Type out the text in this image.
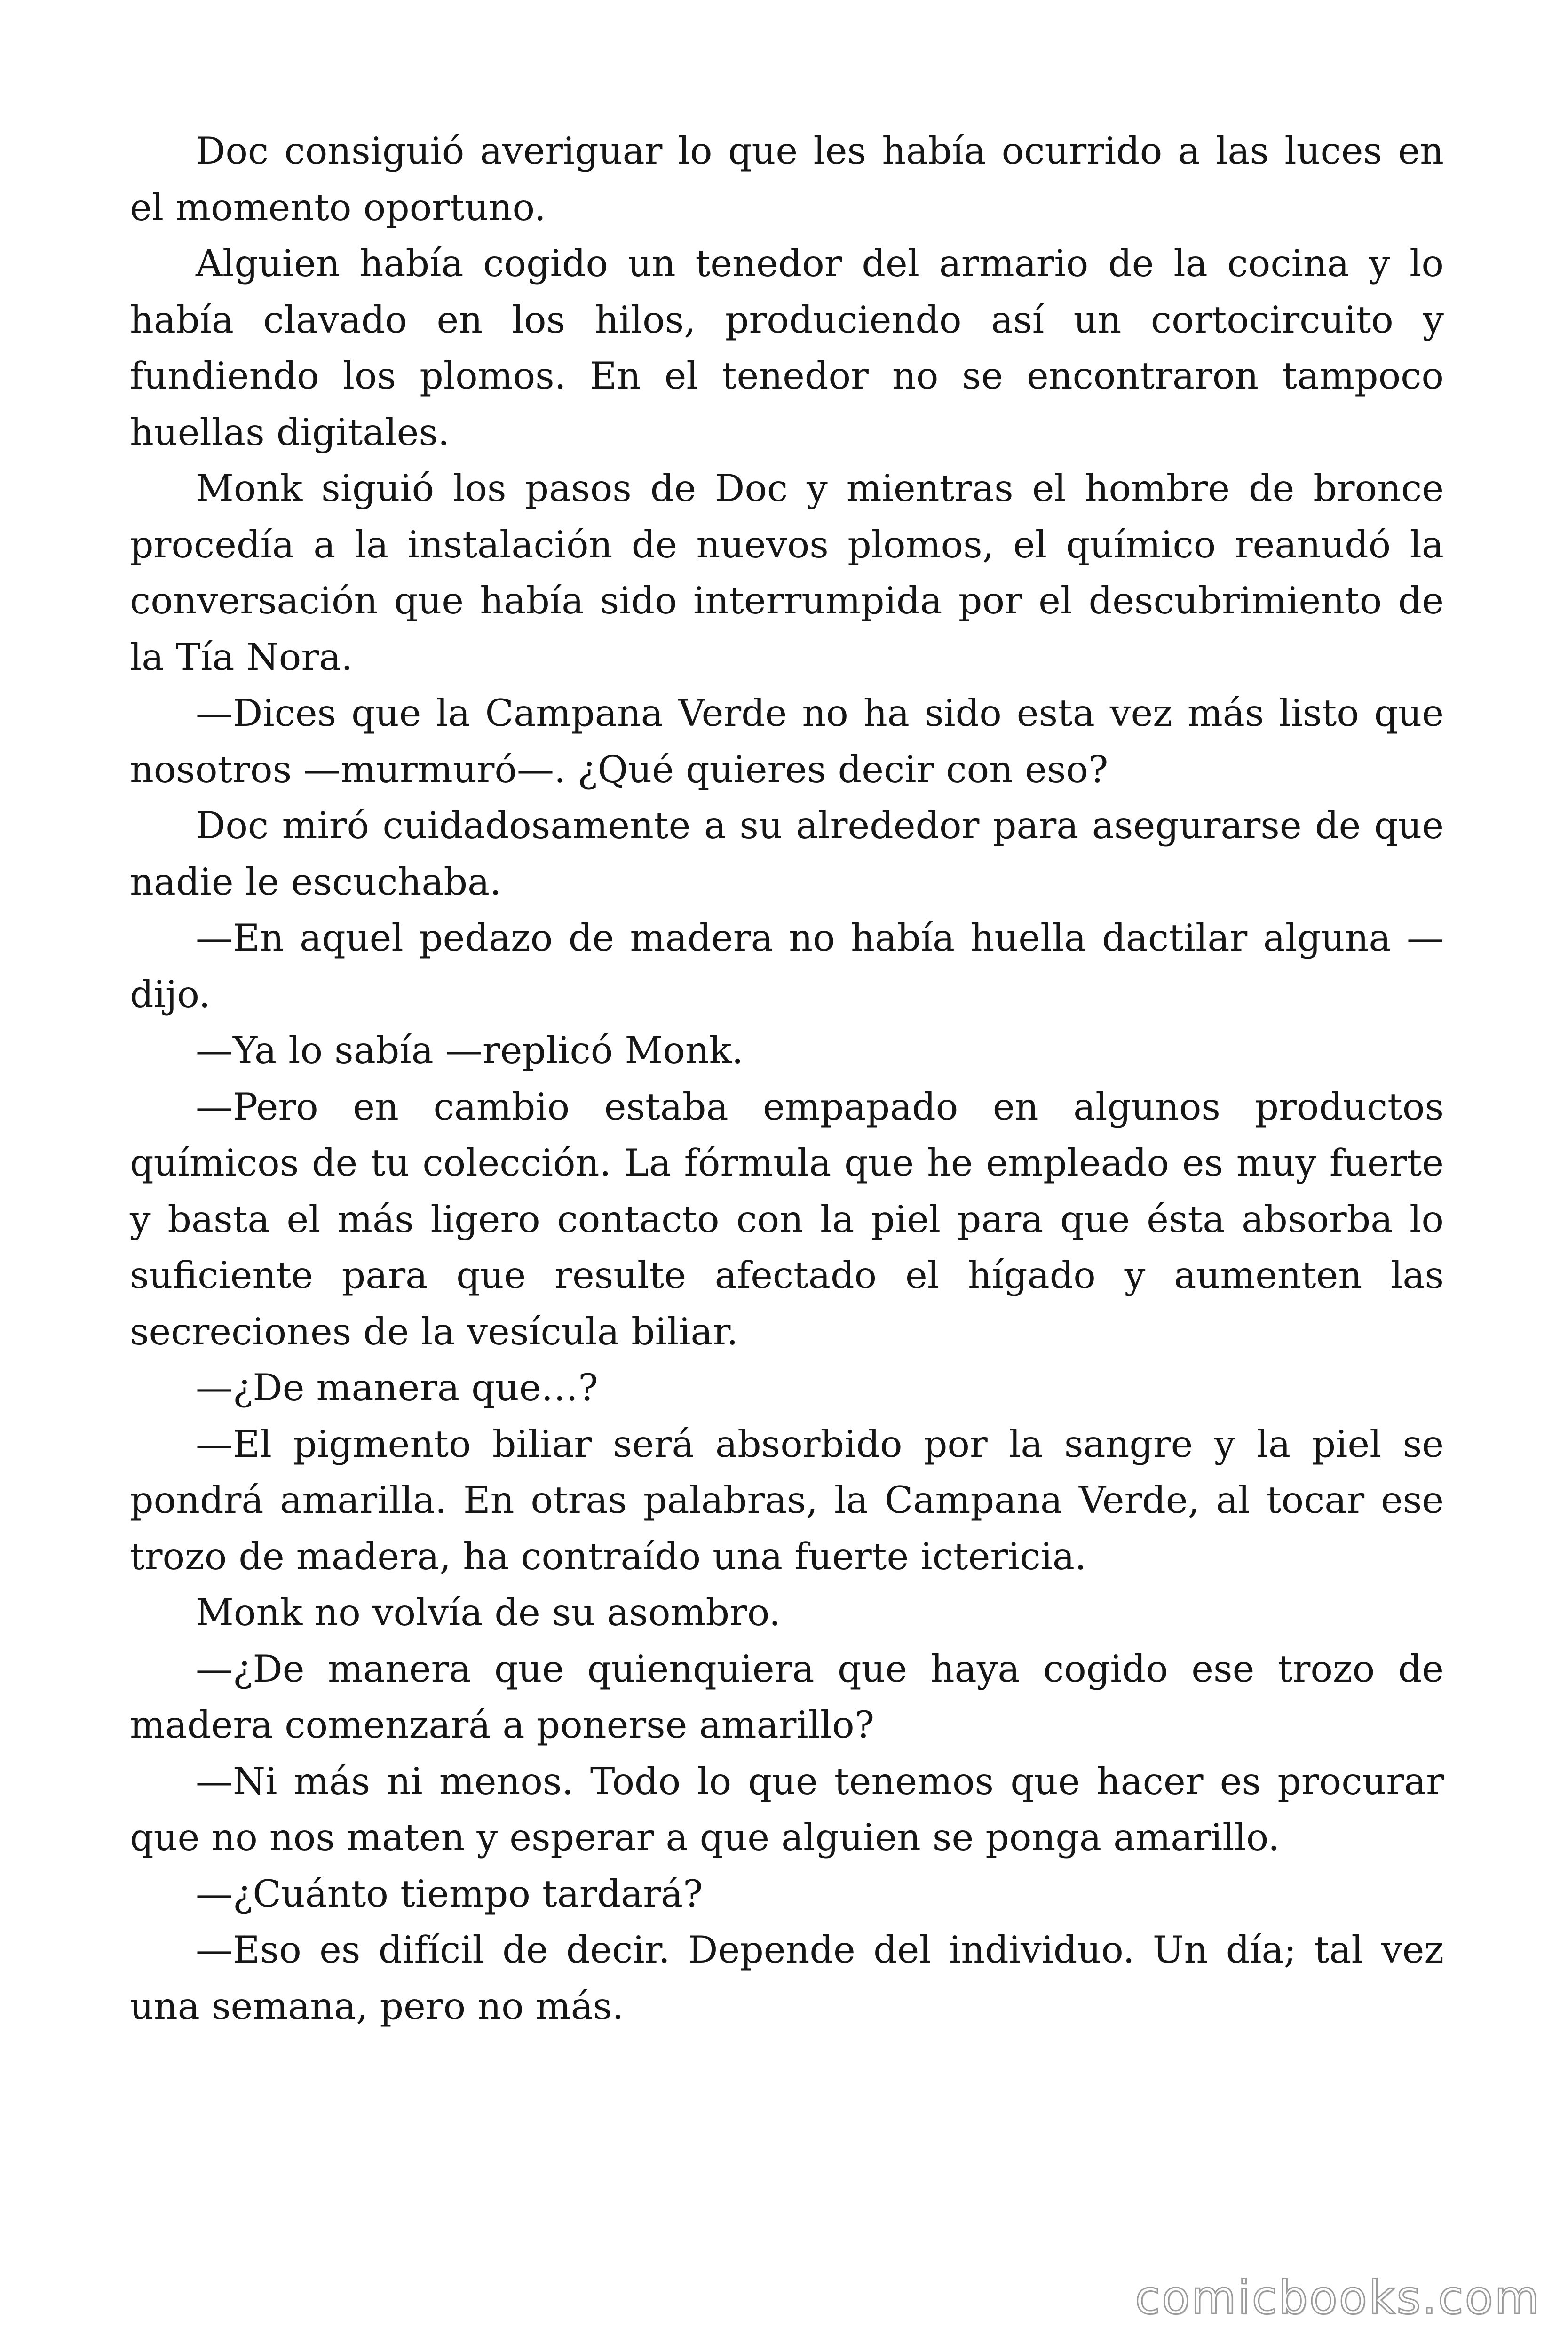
Doc consiguió averiguar lo que les había ocurrido a las luces en el momento oportuno.

Alguien había cogido un tenedor del armario de la cocina y lo había clavado en los hilos, produciendo así un cortocircuito y fundiendo los plomos. En el tenedor no se encontraron tampoco huellas digitales.

Monk siguió los pasos de Doc y mientras el hombre de bronce procedía a la instalación de nuevos plomos, el químico reanudó la conversación que había sido interrumpida por el descubrimiento de la Tía Nora.

—Dices que la Campana Verde no ha sido esta vez más listo que nosotros —murmuró—. ¿Qué quieres decir con eso?

Doc miró cuidadosamente a su alrededor para asegurarse de que nadie le escuchaba.

—En aquel pedazo de madera no había huella dactilar alguna —dijo.

—Ya lo sabía —replicó Monk.

—Pero en cambio estaba empapado en algunos productos químicos de tu colección. La fórmula que he empleado es muy fuerte y basta el más ligero contacto con la piel para que ésta absorba lo suficiente para que resulte afectado el hígado y aumenten las secreciones de la vesícula biliar.

—¿De manera que…?

—El pigmento biliar será absorbido por la sangre y la piel se pondrá amarilla. En otras palabras, la Campana Verde, al tocar ese trozo de madera, ha contraído una fuerte ictericia.

Monk no volvía de su asombro.

—¿De manera que quienquiera que haya cogido ese trozo de madera comenzará a ponerse amarillo?

—Ni más ni menos. Todo lo que tenemos que hacer es procurar que no nos maten y esperar a que alguien se ponga amarillo.

—¿Cuánto tiempo tardará?

—Eso es difícil de decir. Depende del individuo. Un día; tal vez una semana, pero no más.

comicbooks.com
